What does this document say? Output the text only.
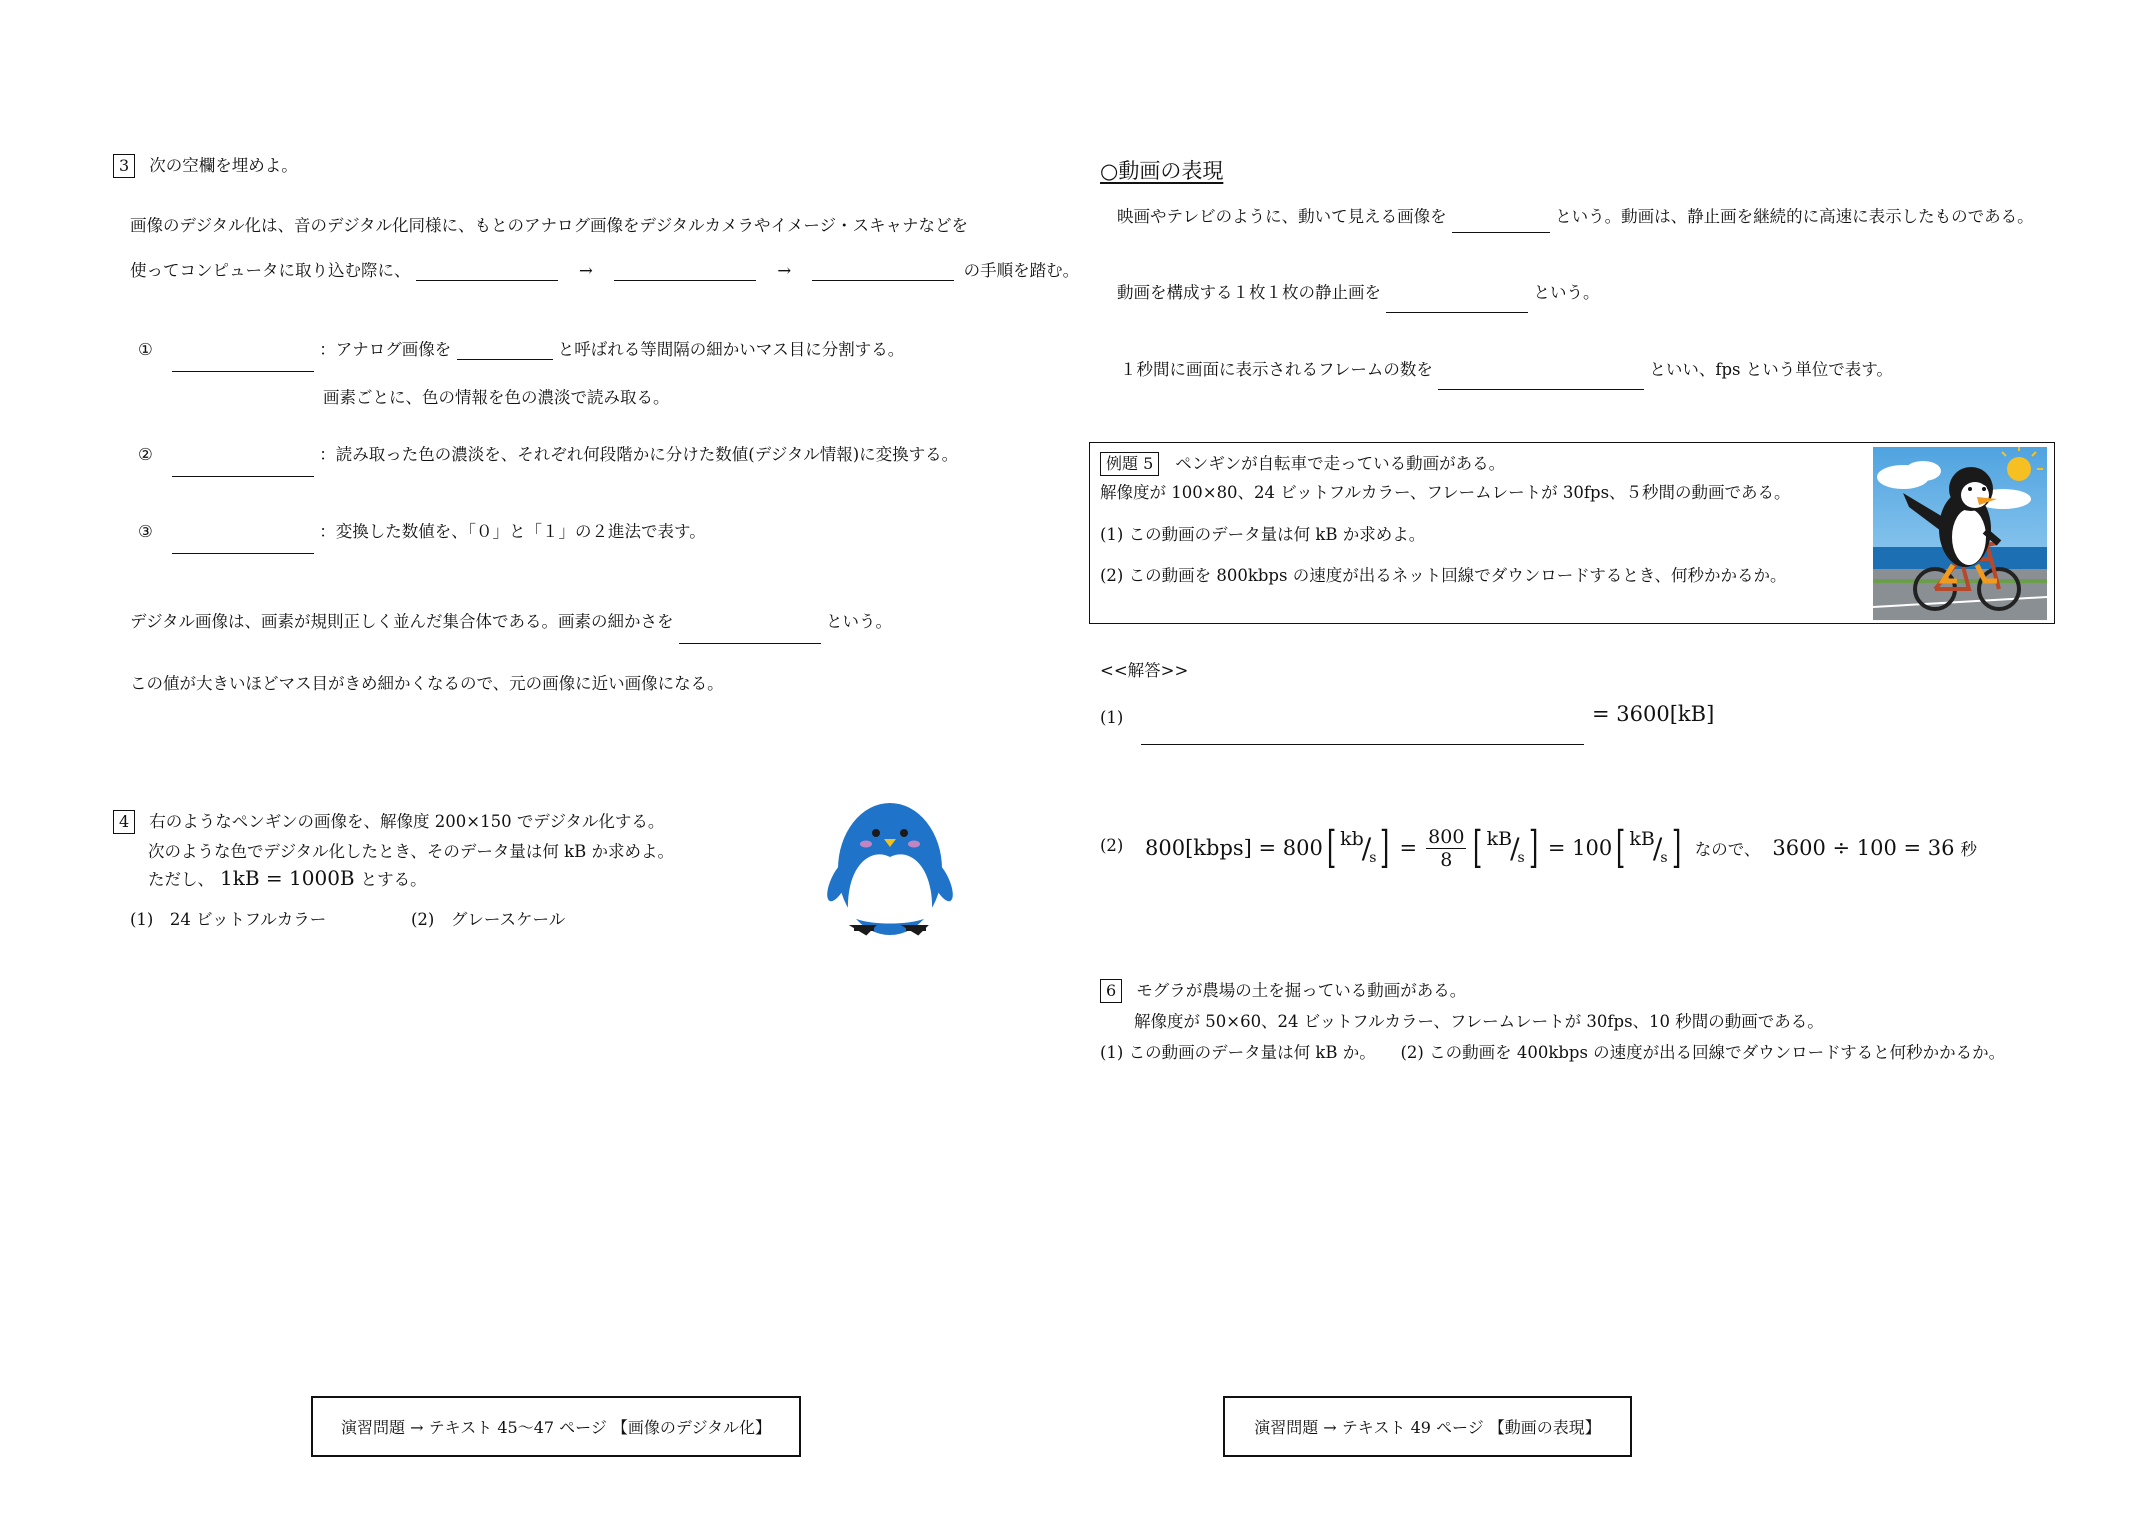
3 次の空欄を埋めよ。
画像のデジタル化は、音のデジタル化同様に、もとのアナログ画像をデジタルカメラやイメージ・スキャナなどを
使ってコンピュータに取り込む際に、	→	→	の手順を踏む。
①	：アナログ画像を	と呼ばれる等間隔の細かいマス目に分割する。
画素ごとに、色の情報を色の濃淡で読み取る。
②	：読み取った色の濃淡を、それぞれ何段階かに分けた数値(デジタル情報)に変換する。
③	：変換した数値を、「０」と「１」の２進法で表す。
デジタル画像は、画素が規則正しく並んだ集合体である。画素の細かさを	という。
この値が大きいほどマス目がきめ細かくなるので、元の画像に近い画像になる。
4 右のようなペンギンの画像を、解像度 200×150 でデジタル化する。
次のような色でデジタル化したとき、そのデータ量は何 kB か求めよ。
ただし、 1kB = 1000B とする。
(1)　24 ビットフルカラー	(2)　グレースケール
演習問題 → テキスト 45〜47 ページ 【画像のデジタル化】
○動画の表現
映画やテレビのように、動いて見える画像を	という。動画は、静止画を継続的に高速に表示したものである。
動画を構成する１枚１枚の静止画を	という。
１秒間に画面に表示されるフレームの数を	といい、fps という単位で表す。
例題 5 ペンギンが自転車で走っている動画がある。
解像度が 100×80、24 ビットフルカラー、フレームレートが 30fps、５秒間の動画である。
(1) この動画のデータ量は何 kB か求めよ。
(2) この動画を 800kbps の速度が出るネット回線でダウンロードするとき、何秒かかるか。
<<解答>>
(1)	= 3600[kB]
(2) 800[kbps] = 800 [ kb
/
s ] = $\frac{800}{8}$ [ kB
/
s ] = 100 [ kB
/
s ] なので、 3600 ÷ 100 = 36 秒
6 モグラが農場の土を掘っている動画がある。
解像度が 50×60、24 ビットフルカラー、フレームレートが 30fps、10 秒間の動画である。
(1) この動画のデータ量は何 kB か。　　(2) この動画を 400kbps の速度が出る回線でダウンロードすると何秒かかるか。
演習問題 → テキスト 49 ページ 【動画の表現】
